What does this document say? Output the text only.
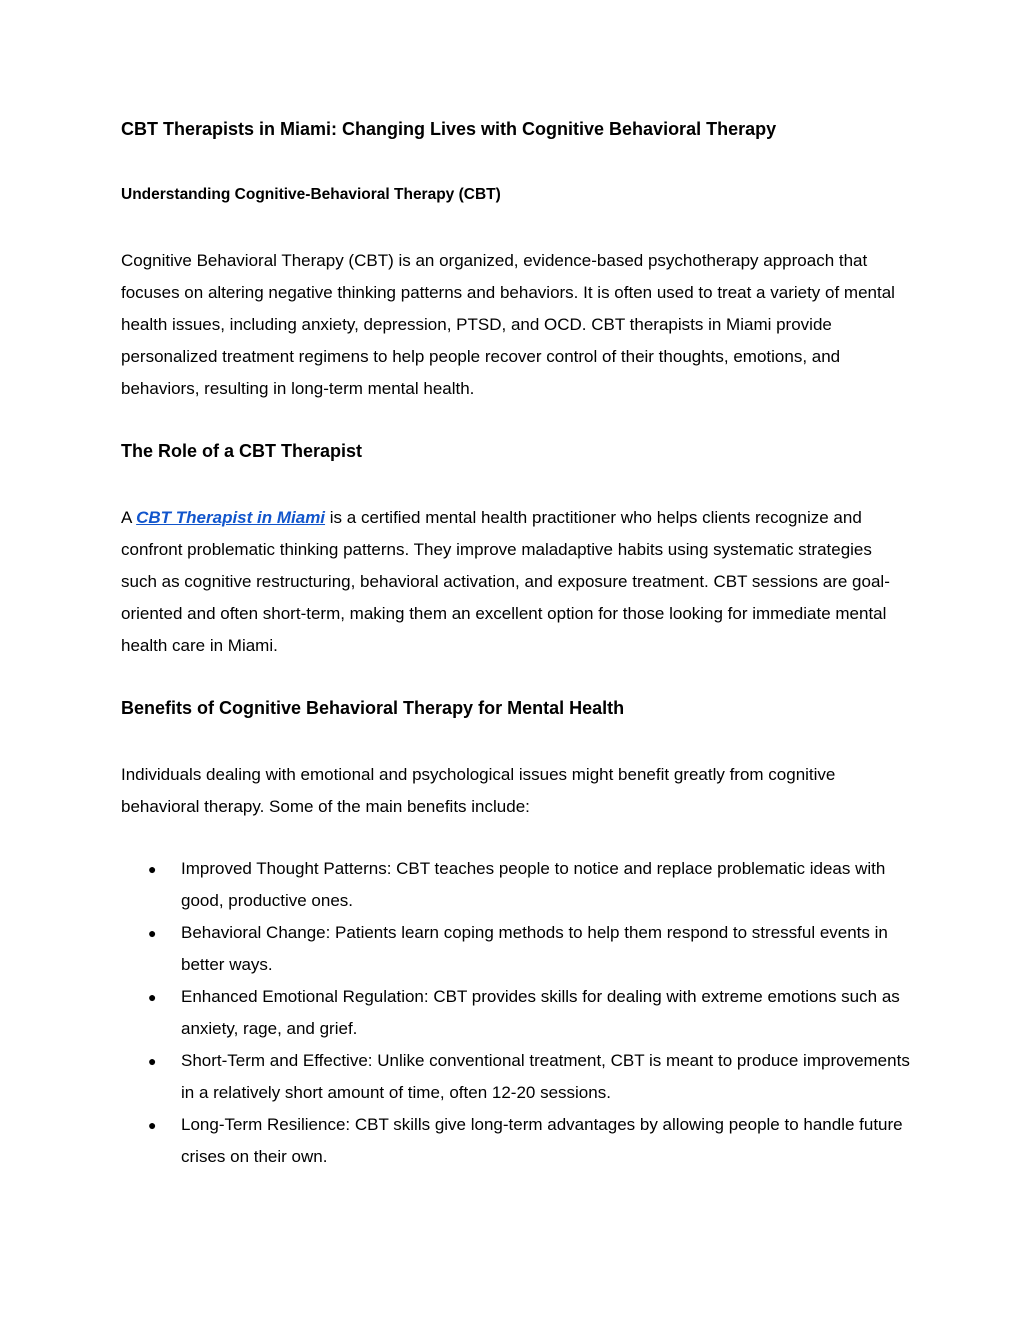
CBT Therapists in Miami: Changing Lives with Cognitive Behavioral Therapy
Understanding Cognitive-Behavioral Therapy (CBT)

Cognitive Behavioral Therapy (CBT) is an organized, evidence-based psychotherapy approach that focuses on altering negative thinking patterns and behaviors. It is often used to treat a variety of mental health issues, including anxiety, depression, PTSD, and OCD. CBT therapists in Miami provide personalized treatment regimens to help people recover control of their thoughts, emotions, and behaviors, resulting in long-term mental health.

The Role of a CBT Therapist

A CBT Therapist in Miami is a certified mental health practitioner who helps clients recognize and confront problematic thinking patterns. They improve maladaptive habits using systematic strategies such as cognitive restructuring, behavioral activation, and exposure treatment. CBT sessions are goal-oriented and often short-term, making them an excellent option for those looking for immediate mental health care in Miami.

Benefits of Cognitive Behavioral Therapy for Mental Health

Individuals dealing with emotional and psychological issues might benefit greatly from cognitive behavioral therapy. Some of the main benefits include:

● Improved Thought Patterns: CBT teaches people to notice and replace problematic ideas with good, productive ones.
● Behavioral Change: Patients learn coping methods to help them respond to stressful events in better ways.
● Enhanced Emotional Regulation: CBT provides skills for dealing with extreme emotions such as anxiety, rage, and grief.
● Short-Term and Effective: Unlike conventional treatment, CBT is meant to produce improvements in a relatively short amount of time, often 12-20 sessions.
● Long-Term Resilience: CBT skills give long-term advantages by allowing people to handle future crises on their own.
